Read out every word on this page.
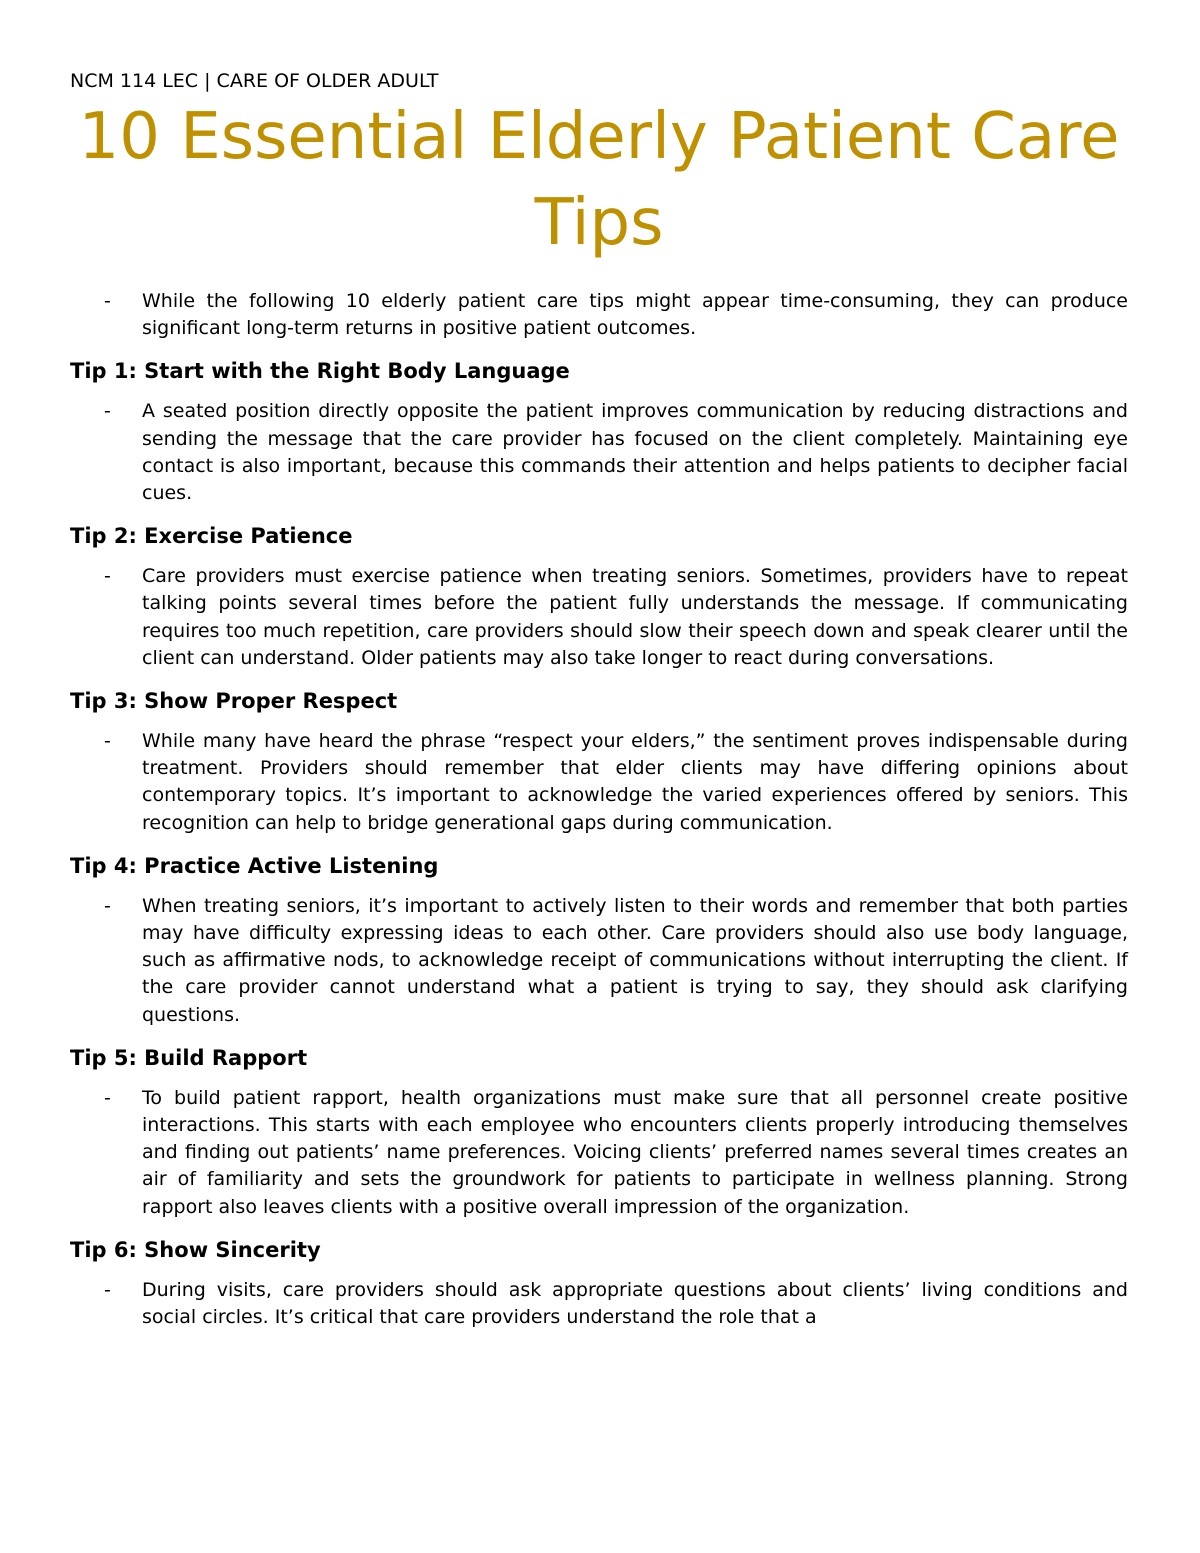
NCM 114 LEC | CARE OF OLDER ADULT

10 Essential Elderly Patient Care Tips
-	While the following 10 elderly patient care tips might appear time-consuming, they can produce significant long-term returns in positive patient outcomes.

Tip 1: Start with the Right Body Language
-	A seated position directly opposite the patient improves communication by reducing distractions and sending the message that the care provider has focused on the client completely. Maintaining eye contact is also important, because this commands their attention and helps patients to decipher facial cues.

Tip 2: Exercise Patience
-	Care providers must exercise patience when treating seniors. Sometimes, providers have to repeat talking points several times before the patient fully understands the message. If communicating requires too much repetition, care providers should slow their speech down and speak clearer until the client can understand. Older patients may also take longer to react during conversations.

Tip 3: Show Proper Respect
-	While many have heard the phrase “respect your elders,” the sentiment proves indispensable during treatment. Providers should remember that elder clients may have differing opinions about contemporary topics. It’s important to acknowledge the varied experiences offered by seniors. This recognition can help to bridge generational gaps during communication.

Tip 4: Practice Active Listening
-	When treating seniors, it’s important to actively listen to their words and remember that both parties may have difficulty expressing ideas to each other. Care providers should also use body language, such as affirmative nods, to acknowledge receipt of communications without interrupting the client. If the care provider cannot understand what a patient is trying to say, they should ask clarifying questions.

Tip 5: Build Rapport
-	To build patient rapport, health organizations must make sure that all personnel create positive interactions. This starts with each employee who encounters clients properly introducing themselves and finding out patients’ name preferences. Voicing clients’ preferred names several times creates an air of familiarity and sets the groundwork for patients to participate in wellness planning. Strong rapport also leaves clients with a positive overall impression of the organization.

Tip 6: Show Sincerity
-	During visits, care providers should ask appropriate questions about clients’ living conditions and social circles. It’s critical that care providers understand the role that a
